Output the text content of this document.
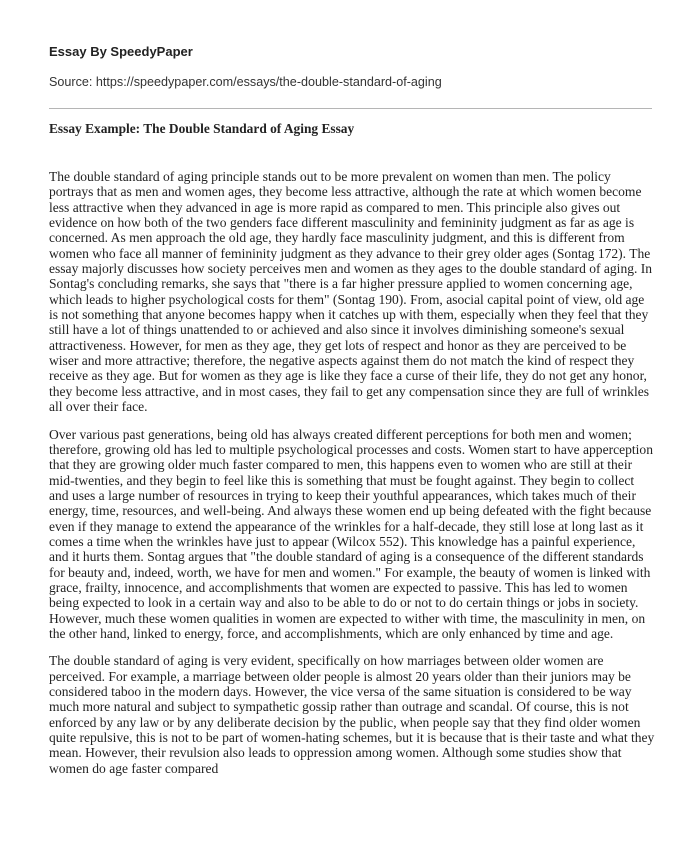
Essay By SpeedyPaper
Source: https://speedypaper.com/essays/the-double-standard-of-aging
Essay Example: The Double Standard of Aging Essay

The double standard of aging principle stands out to be more prevalent on women than men. The policy portrays that as men and women ages, they become less attractive, although the rate at which women become less attractive when they advanced in age is more rapid as compared to men. This principle also gives out evidence on how both of the two genders face different masculinity and femininity judgment as far as age is concerned. As men approach the old age, they hardly face masculinity judgment, and this is different from women who face all manner of femininity judgment as they advance to their grey older ages (Sontag 172). The essay majorly discusses how society perceives men and women as they ages to the double standard of aging. In Sontag's concluding remarks, she says that "there is a far higher pressure applied to women concerning age, which leads to higher psychological costs for them" (Sontag 190). From, asocial capital point of view, old age is not something that anyone becomes happy when it catches up with them, especially when they feel that they still have a lot of things unattended to or achieved and also since it involves diminishing someone's sexual attractiveness. However, for men as they age, they get lots of respect and honor as they are perceived to be wiser and more attractive; therefore, the negative aspects against them do not match the kind of respect they receive as they age. But for women as they age is like they face a curse of their life, they do not get any honor, they become less attractive, and in most cases, they fail to get any compensation since they are full of wrinkles all over their face.

Over various past generations, being old has always created different perceptions for both men and women; therefore, growing old has led to multiple psychological processes and costs. Women start to have apperception that they are growing older much faster compared to men, this happens even to women who are still at their mid-twenties, and they begin to feel like this is something that must be fought against. They begin to collect and uses a large number of resources in trying to keep their youthful appearances, which takes much of their energy, time, resources, and well-being. And always these women end up being defeated with the fight because even if they manage to extend the appearance of the wrinkles for a half-decade, they still lose at long last as it comes a time when the wrinkles have just to appear (Wilcox 552). This knowledge has a painful experience, and it hurts them. Sontag argues that "the double standard of aging is a consequence of the different standards for beauty and, indeed, worth, we have for men and women." For example, the beauty of women is linked with grace, frailty, innocence, and accomplishments that women are expected to passive. This has led to women being expected to look in a certain way and also to be able to do or not to do certain things or jobs in society. However, much these women qualities in women are expected to wither with time, the masculinity in men, on the other hand, linked to energy, force, and accomplishments, which are only enhanced by time and age.

The double standard of aging is very evident, specifically on how marriages between older women are perceived. For example, a marriage between older people is almost 20 years older than their juniors may be considered taboo in the modern days. However, the vice versa of the same situation is considered to be way much more natural and subject to sympathetic gossip rather than outrage and scandal. Of course, this is not enforced by any law or by any deliberate decision by the public, when people say that they find older women quite repulsive, this is not to be part of women-hating schemes, but it is because that is their taste and what they mean. However, their revulsion also leads to oppression among women. Although some studies show that women do age faster compared
